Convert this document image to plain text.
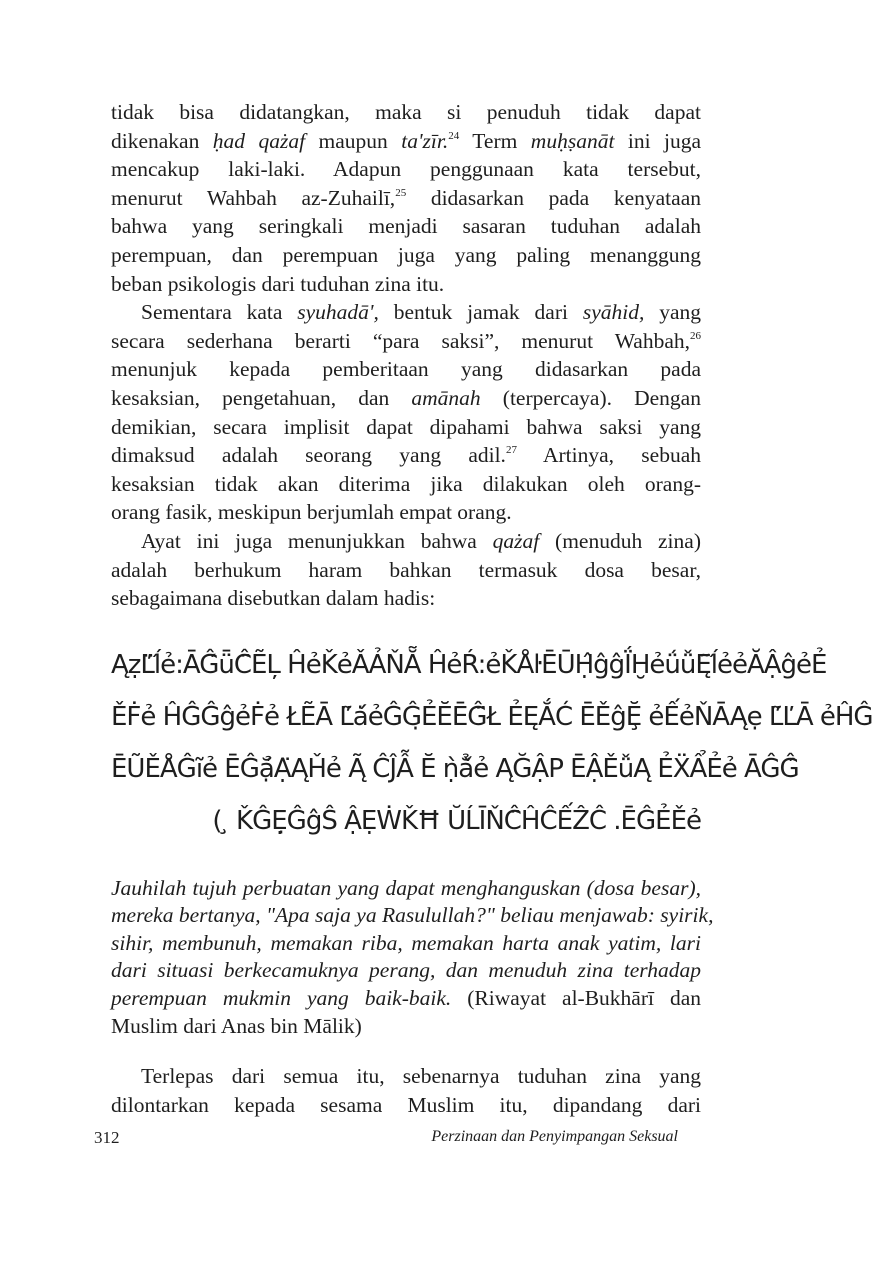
tidak bisa didatangkan, maka si penuduh tidak dapat
dikenakan ḥad qażaf maupun ta'zīr.$^{24}$ Term muḥṣanāt ini juga
mencakup laki-laki. Adapun penggunaan kata tersebut,
menurut Wahbah az-Zuhailī,$^{25}$ didasarkan pada kenyataan
bahwa yang seringkali menjadi sasaran tuduhan adalah
perempuan, dan perempuan juga yang paling menanggung
beban psikologis dari tuduhan zina itu.

Sementara kata syuhadā', bentuk jamak dari syāhid, yang
secara sederhana berarti “para saksi”, menurut Wahbah,$^{26}$
menunjuk kepada pemberitaan yang didasarkan pada
kesaksian, pengetahuan, dan amānah (terpercaya). Dengan
demikian, secara implisit dapat dipahami bahwa saksi yang
dimaksud adalah seorang yang adil.$^{27}$ Artinya, sebuah
kesaksian tidak akan diterima jika dilakukan oleh orang-
orang fasik, meskipun berjumlah empat orang.

Ayat ini juga menunjukkan bahwa qażaf (menuduh zina)
adalah berhukum haram bahkan termasuk dosa besar,
sebagaimana disebutkan dalam hadis:

ĄẓĽ̈ĺ́ẻ:ĀĜ́ǖĈ̈ẼĻ ĤẻǨẻǍẢŇẴ ĤẻŔ:ẻǨÅŀĒŪḤ̂ĝĝḮḪẻǘǚĘ̃ĺ́ẻẻĂẬĝẻẺ
ĚḞẻ ĤĜĜĝẻḞẻ ŁẼĀ Ľ̃ȧ́ẻĜĜ̣ẺĔĒĜ̈Ł ẺĘẮĆ ĒĚĝḜ ẻẾẻŇĀĄẹ Ľ̃ĽĀ ẻĤĜ
ĒŨĚÅĜĩẻ ĒĜặ̉Ạ̈ĄȞẻ Ą̃ ĈĴẪ Ĕ ṇ̀ẳ̌ẻ ĄĞẬP ĒẬĚǚĄ ẺẌẨẺẻ ĀĜĜ̂
( ̧ ǨĜẸ̣ĜĝŜ ẬẸẆǨĦ ŬĹĪŇĈ̈ĤĈẾẐĈ .ĒĜẺĚẻ
Jauhilah tujuh perbuatan yang dapat menghanguskan (dosa besar),
mereka bertanya, "Apa saja ya Rasulullah?" beliau menjawab: syirik,
sihir, membunuh, memakan riba, memakan harta anak yatim, lari
dari situasi berkecamuknya perang, dan menuduh zina terhadap
perempuan mukmin yang baik-baik. (Riwayat al-Bukhārī dan
Muslim dari Anas bin Mālik)

Terlepas dari semua itu, sebenarnya tuduhan zina yang
dilontarkan kepada sesama Muslim itu, dipandang dari

312	Perzinaan dan Penyimpangan Seksual
